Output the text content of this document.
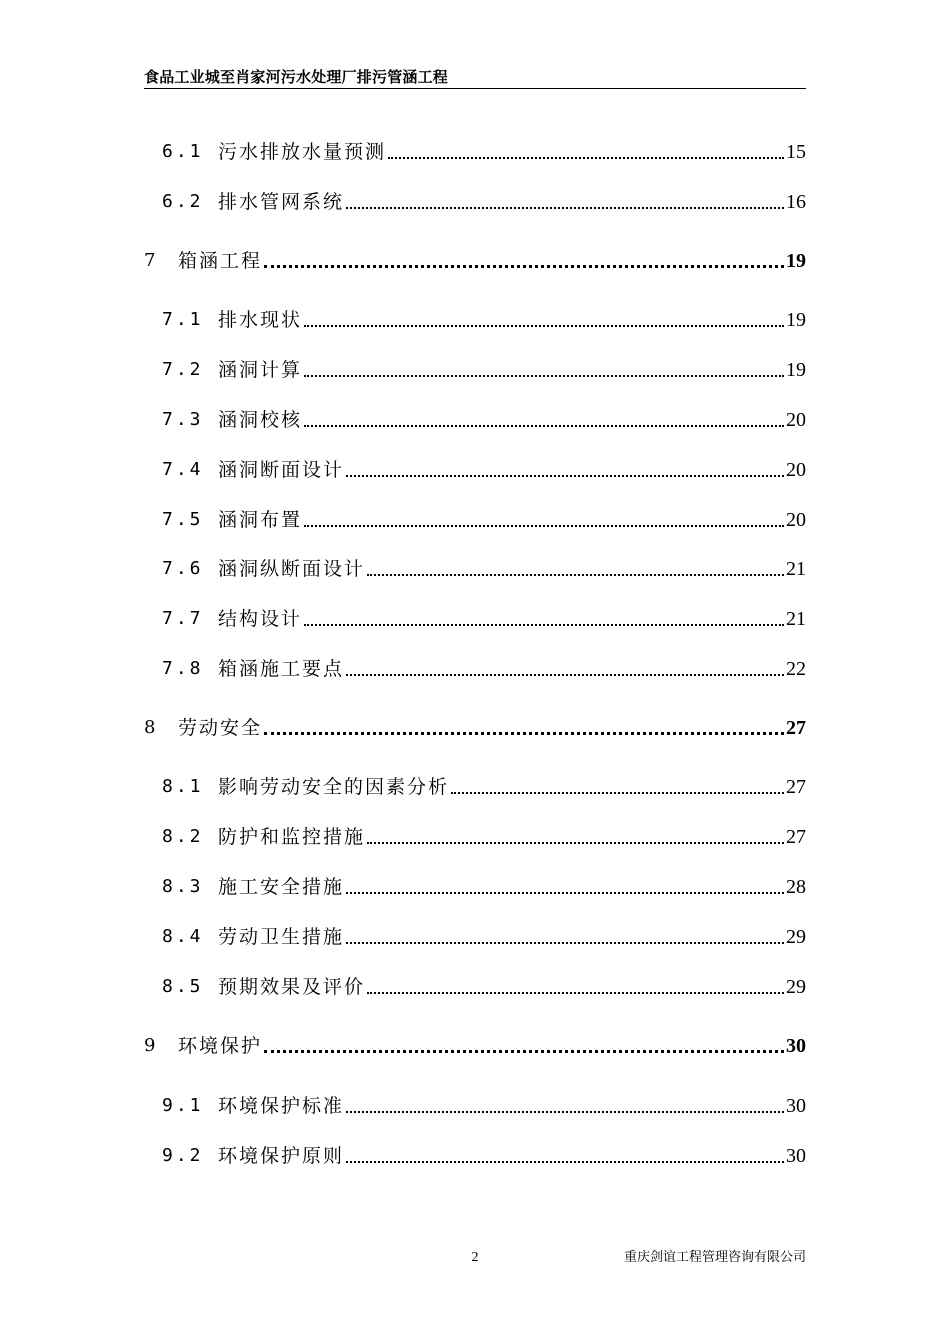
食品工业城至肖家河污水处理厂排污管涵工程
6.1 污水排放水量预测	15
6.2 排水管网系统	16
7	箱涵工程	19
7.1 排水现状	19
7.2 涵洞计算	19
7.3 涵洞校核	20
7.4 涵洞断面设计	20
7.5 涵洞布置	20
7.6 涵洞纵断面设计	21
7.7 结构设计	21
7.8 箱涵施工要点	22
8	劳动安全	27
8.1 影响劳动安全的因素分析	27
8.2 防护和监控措施	27
8.3 施工安全措施	28
8.4 劳动卫生措施	29
8.5 预期效果及评价	29
9	环境保护	30
9.1 环境保护标准	30
9.2 环境保护原则	30
2	重庆剑谊工程管理咨询有限公司
